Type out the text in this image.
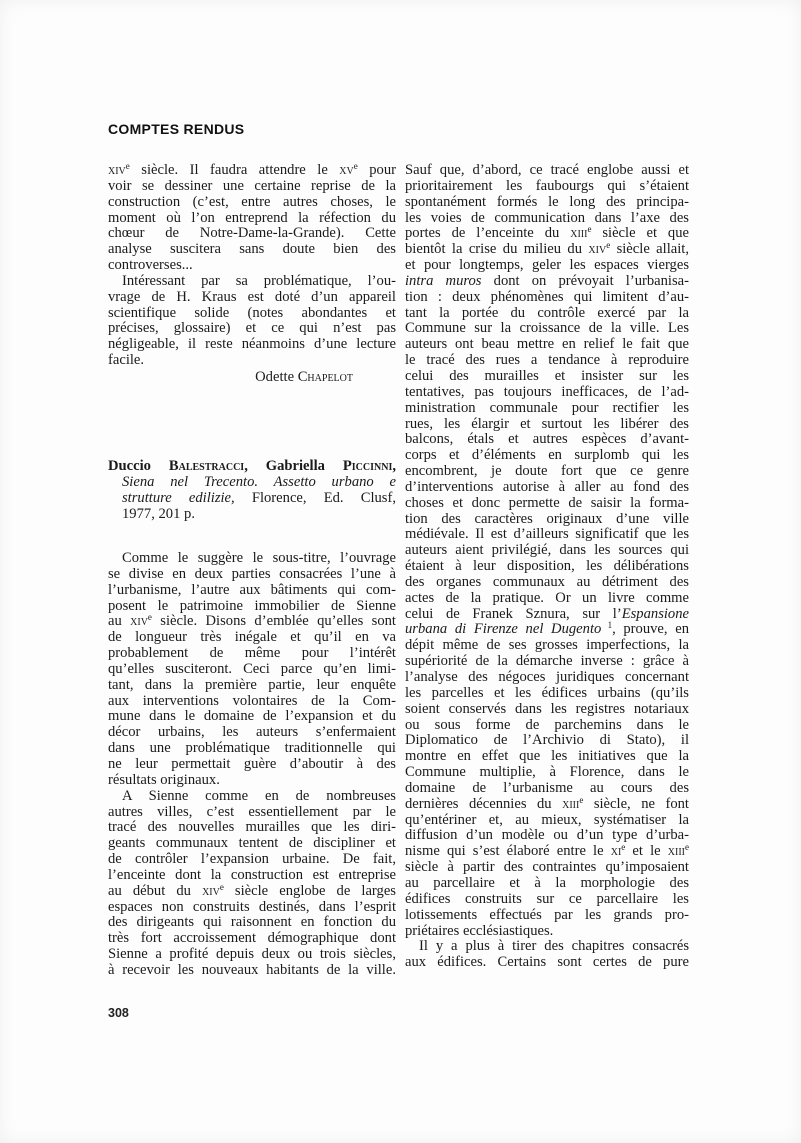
COMPTES RENDUS
xiv$^e$ siècle. Il faudra attendre le $xv^e$ pour
voir se dessiner une certaine reprise de la
construction (c’est, entre autres choses, le
moment où l’on entreprend la réfection du
chœur de Notre-Dame-la-Grande). Cette
analyse suscitera sans doute bien des
controverses...
Intéressant par sa problématique, l’ou-
vrage de H. Kraus est doté d’un appareil
scientifique solide (notes abondantes et
précises, glossaire) et ce qui n’est pas
négligeable, il reste néanmoins d’une lecture
facile.
Odette Chapelot
Duccio Balestracci, Gabriella Piccinni,
Siena nel Trecento. Assetto urbano e
strutture edilizie, Florence, Ed. Clusf,
1977, 201 p.
Comme le suggère le sous-titre, l’ouvrage
se divise en deux parties consacrées l’une à
l’urbanisme, l’autre aux bâtiments qui com-
posent le patrimoine immobilier de Sienne
au xiv$^e$ siècle. Disons d’emblée qu’elles sont
de longueur très inégale et qu’il en va
probablement de même pour l’intérêt
qu’elles susciteront. Ceci parce qu’en limi-
tant, dans la première partie, leur enquête
aux interventions volontaires de la Com-
mune dans le domaine de l’expansion et du
décor urbains, les auteurs s’enfermaient
dans une problématique traditionnelle qui
ne leur permettait guère d’aboutir à des
résultats originaux.
A Sienne comme en de nombreuses
autres villes, c’est essentiellement par le
tracé des nouvelles murailles que les diri-
geants communaux tentent de discipliner et
de contrôler l’expansion urbaine. De fait,
l’enceinte dont la construction est entreprise
au début du xiv$^e$ siècle englobe de larges
espaces non construits destinés, dans l’esprit
des dirigeants qui raisonnent en fonction du
très fort accroissement démographique dont
Sienne a profité depuis deux ou trois siècles,
à recevoir les nouveaux habitants de la ville.
Sauf que, d’abord, ce tracé englobe aussi et
prioritairement les faubourgs qui s’étaient
spontanément formés le long des principa-
les voies de communication dans l’axe des
portes de l’enceinte du xiii$^e$ siècle et que
bientôt la crise du milieu du xiv$^e$ siècle allait,
et pour longtemps, geler les espaces vierges
intra muros dont on prévoyait l’urbanisa-
tion : deux phénomènes qui limitent d’au-
tant la portée du contrôle exercé par la
Commune sur la croissance de la ville. Les
auteurs ont beau mettre en relief le fait que
le tracé des rues a tendance à reproduire
celui des murailles et insister sur les
tentatives, pas toujours inefficaces, de l’ad-
ministration communale pour rectifier les
rues, les élargir et surtout les libérer des
balcons, étals et autres espèces d’avant-
corps et d’éléments en surplomb qui les
encombrent, je doute fort que ce genre
d’interventions autorise à aller au fond des
choses et donc permette de saisir la forma-
tion des caractères originaux d’une ville
médiévale. Il est d’ailleurs significatif que les
auteurs aient privilégié, dans les sources qui
étaient à leur disposition, les délibérations
des organes communaux au détriment des
actes de la pratique. Or un livre comme
celui de Franek Sznura, sur l’Espansione
urbana di Firenze nel Dugento $^1$, prouve, en
dépit même de ses grosses imperfections, la
supériorité de la démarche inverse : grâce à
l’analyse des négoces juridiques concernant
les parcelles et les édifices urbains (qu’ils
soient conservés dans les registres notariaux
ou sous forme de parchemins dans le
Diplomatico de l’Archivio di Stato), il
montre en effet que les initiatives que la
Commune multiplie, à Florence, dans le
domaine de l’urbanisme au cours des
dernières décennies du xiii$^e$ siècle, ne font
qu’entériner et, au mieux, systématiser la
diffusion d’un modèle ou d’un type d’urba-
nisme qui s’est élaboré entre le $xi^e$ et le xiii$^e$
siècle à partir des contraintes qu’imposaient
au parcellaire et à la morphologie des
édifices construits sur ce parcellaire les
lotissements effectués par les grands pro-
priétaires ecclésiastiques.
Il y a plus à tirer des chapitres consacrés
aux édifices. Certains sont certes de pure
308
